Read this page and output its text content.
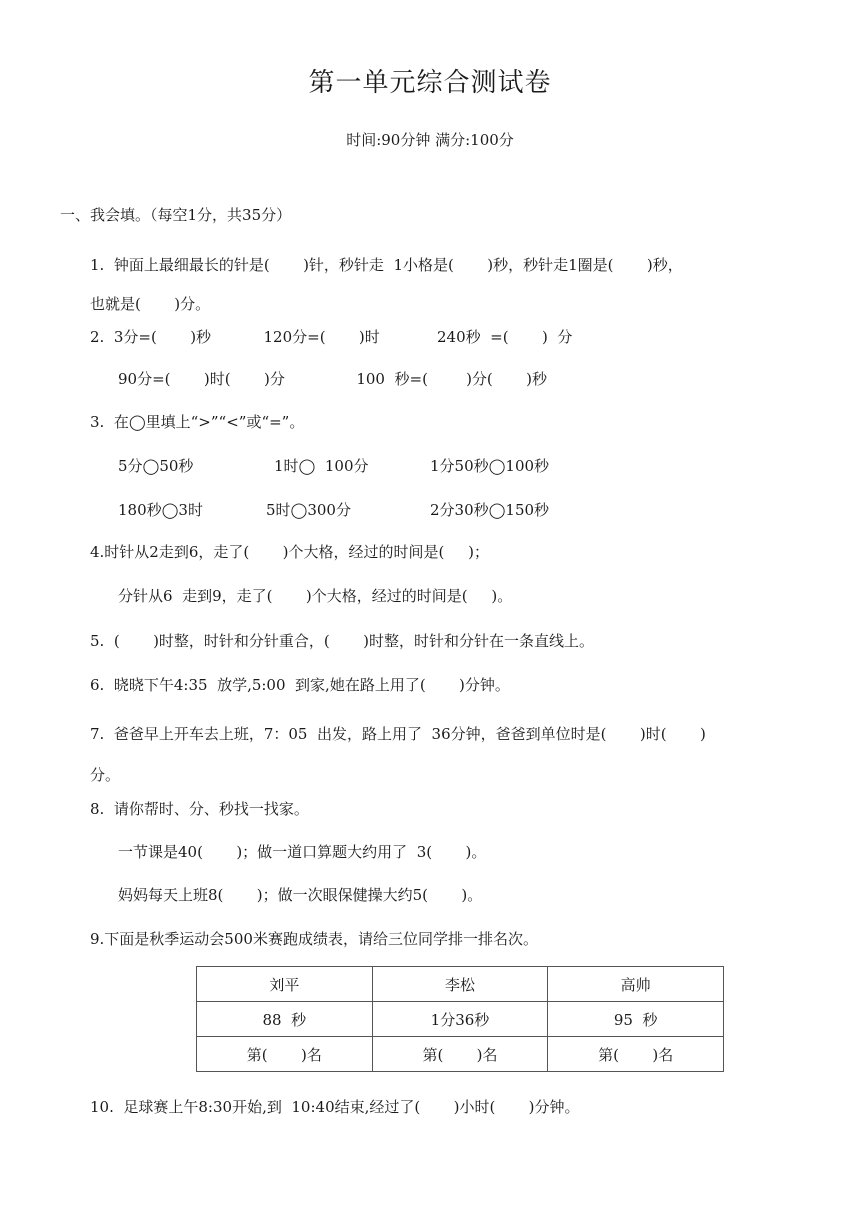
第一单元综合测试卷
时间:90分钟 满分:100分
一、我会填。（每空1分，共35分）
1.  钟面上最细最长的针是(       )针，秒针走  1小格是(       )秒，秒针走1圈是(       )秒，
也就是(       )分。
2.  3分=(       )秒           120分=(       )时            240秒  =(       )  分
90分=(       )时(       )分               100  秒=(        )分(       )秒
3.  在◯里填上“>”“<”或“=”。
5分◯50秒	1时◯  100分	1分50秒◯100秒
180秒◯3时	5时◯300分	2分30秒◯150秒
4.时针从2走到6，走了(       )个大格，经过的时间是(     )；
分针从6  走到9，走了(       )个大格，经过的时间是(     )。
5.  (       )时整，时针和分针重合，(       )时整，时针和分针在一条直线上。
6.  晓晓下午4:35  放学,5:00  到家,她在路上用了(       )分钟。
7.  爸爸早上开车去上班，7：05  出发，路上用了  36分钟，爸爸到单位时是(       )时(       )
分。
8.  请你帮时、分、秒找一找家。
一节课是40(       )；做一道口算题大约用了  3(       )。
妈妈每天上班8(       )；做一次眼保健操大约5(       )。
9.下面是秋季运动会500米赛跑成绩表，请给三位同学排一排名次。
刘平	李松	高帅
88  秒	1分36秒	95  秒
第(       )名	第(       )名	第(       )名
10.  足球赛上午8:30开始,到  10:40结束,经过了(       )小时(       )分钟。
